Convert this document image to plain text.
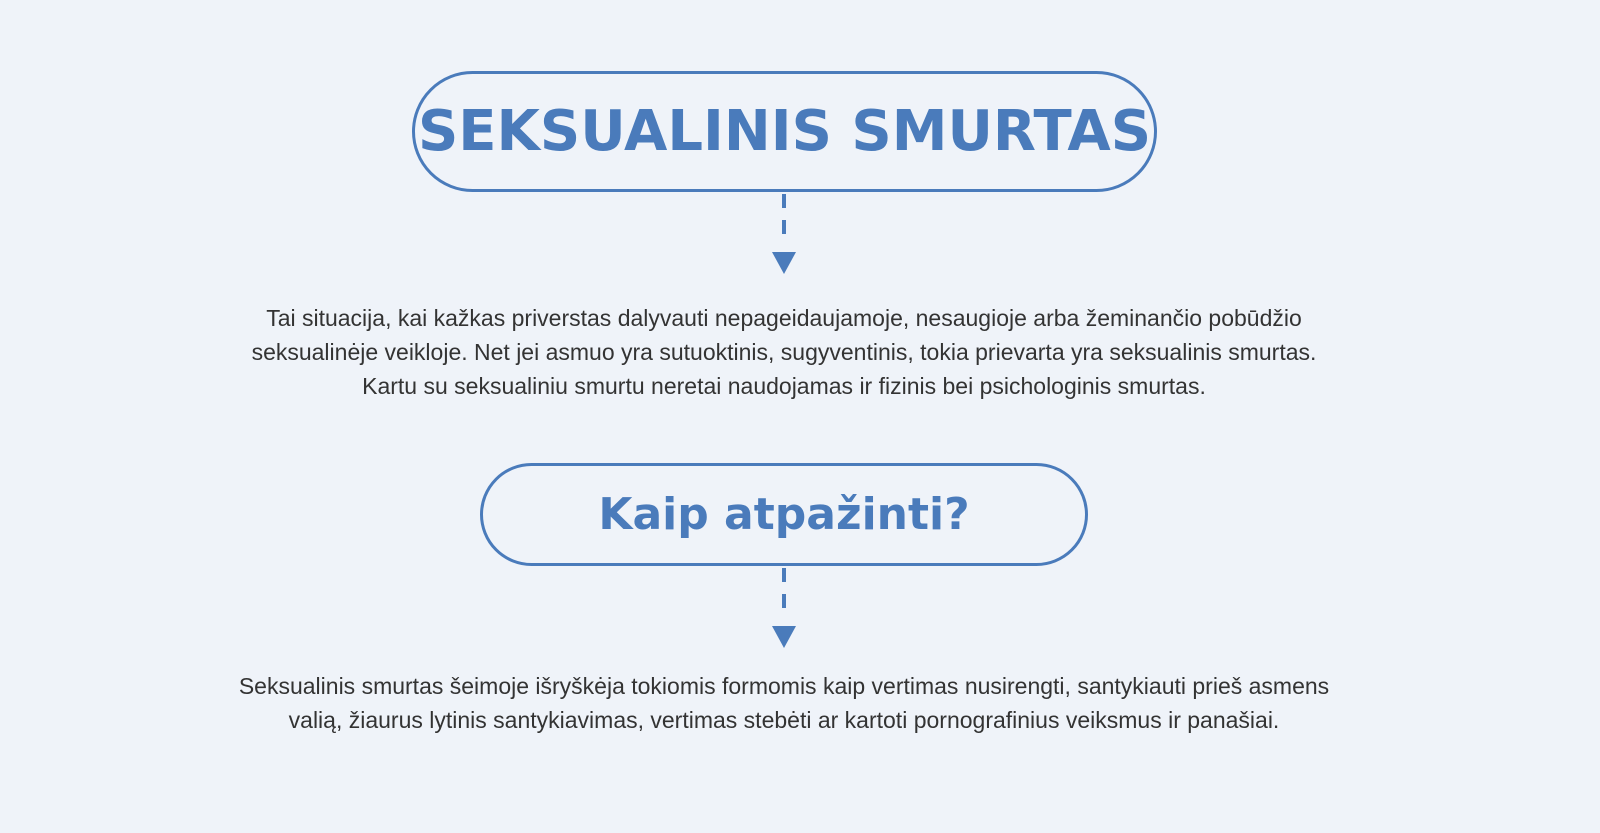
SEKSUALINIS SMURTAS
Tai situacija, kai kažkas priverstas dalyvauti nepageidaujamoje, nesaugioje arba žeminančio pobūdžio
seksualinėje veikloje. Net jei asmuo yra sutuoktinis, sugyventinis, tokia prievarta yra seksualinis smurtas.
Kartu su seksualiniu smurtu neretai naudojamas ir fizinis bei psichologinis smurtas.
Kaip atpažinti?
Seksualinis smurtas šeimoje išryškėja tokiomis formomis kaip vertimas nusirengti, santykiauti prieš asmens
valią, žiaurus lytinis santykiavimas, vertimas stebėti ar kartoti pornografinius veiksmus ir panašiai.
